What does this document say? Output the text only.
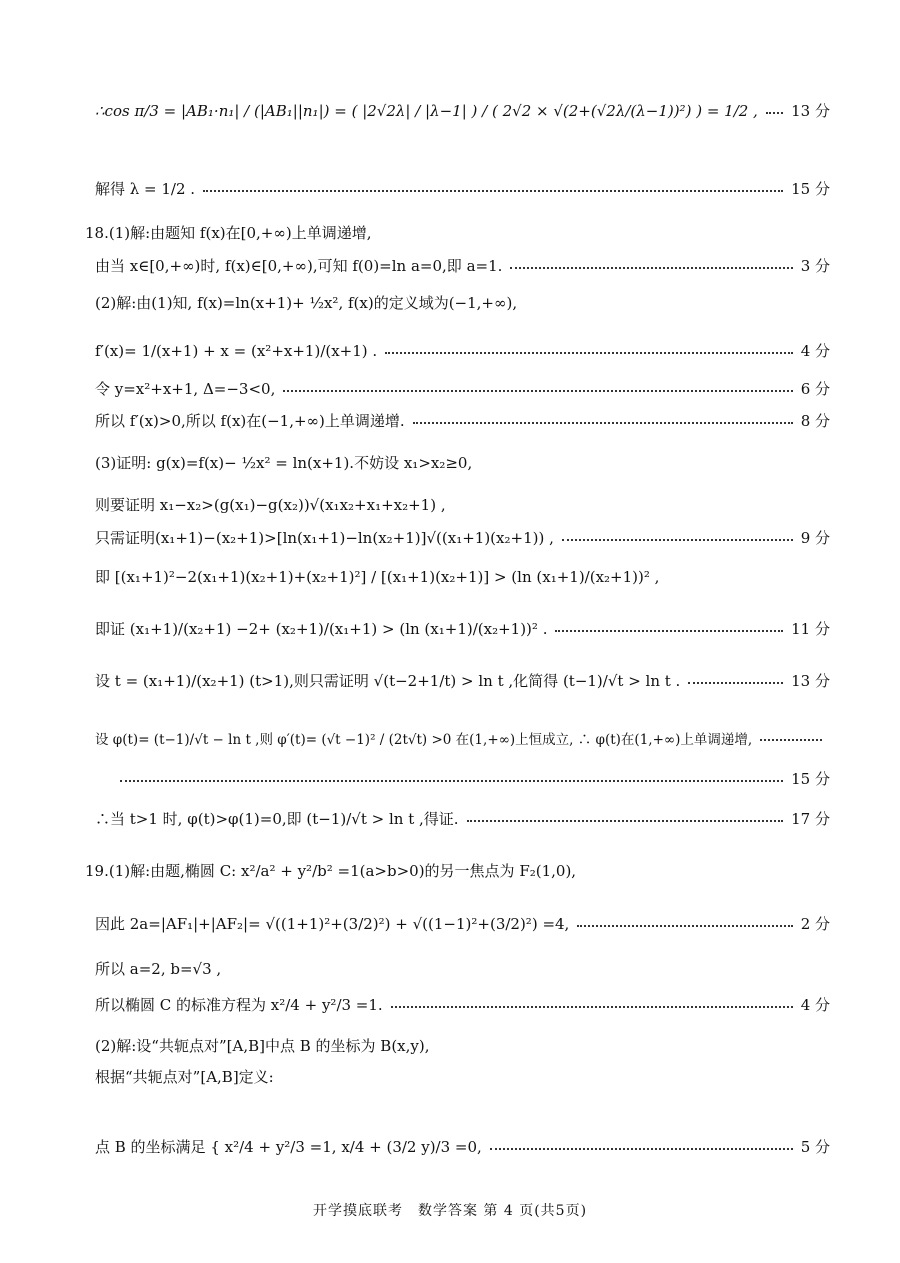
∴cos π/3 = |AB₁·n₁| / (|AB₁||n₁|) = ( |2√2λ| / |λ−1| ) / ( 2√2 × √(2+(√2λ/(λ−1))²) ) = 1/2 , 13 分
解得 λ = 1/2 .	15 分
18.(1)解:由题知 f(x)在[0,+∞)上单调递增,
由当 x∈[0,+∞)时, f(x)∈[0,+∞),可知 f(0)=ln a=0,即 a=1.	3 分
(2)解:由(1)知, f(x)=ln(x+1)+ ½x², f(x)的定义域为(−1,+∞),
f′(x)= 1/(x+1) + x = (x²+x+1)/(x+1) .	4 分
令 y=x²+x+1, Δ=−3<0,	6 分
所以 f′(x)>0,所以 f(x)在(−1,+∞)上单调递增.	8 分
(3)证明: g(x)=f(x)− ½x² = ln(x+1).不妨设 x₁>x₂≥0,
则要证明 x₁−x₂>(g(x₁)−g(x₂))√(x₁x₂+x₁+x₂+1) ,
只需证明(x₁+1)−(x₂+1)>[ln(x₁+1)−ln(x₂+1)]√((x₁+1)(x₂+1)) ,	9 分
即 [(x₁+1)²−2(x₁+1)(x₂+1)+(x₂+1)²] / [(x₁+1)(x₂+1)] > (ln (x₁+1)/(x₂+1))² ,
即证 (x₁+1)/(x₂+1) −2+ (x₂+1)/(x₁+1) > (ln (x₁+1)/(x₂+1))² .	11 分
设 t = (x₁+1)/(x₂+1) (t>1),则只需证明 √(t−2+1/t) > ln t ,化简得 (t−1)/√t > ln t .	13 分
设 φ(t)= (t−1)/√t − ln t ,则 φ′(t)= (√t −1)² / (2t√t) >0 在(1,+∞)上恒成立, ∴ φ(t)在(1,+∞)上单调递增,
15 分
∴当 t>1 时, φ(t)>φ(1)=0,即 (t−1)/√t > ln t ,得证.	17 分
19.(1)解:由题,椭圆 C: x²/a² + y²/b² =1(a>b>0)的另一焦点为 F₂(1,0),
因此 2a=|AF₁|+|AF₂|= √((1+1)²+(3/2)²) + √((1−1)²+(3/2)²) =4,	2 分
所以 a=2, b=√3 ,
所以椭圆 C 的标准方程为 x²/4 + y²/3 =1.	4 分
(2)解:设“共轭点对”[A,B]中点 B 的坐标为 B(x,y),
根据“共轭点对”[A,B]定义:
点 B 的坐标满足 { x²/4 + y²/3 =1, x/4 + (3/2 y)/3 =0,	5 分
开学摸底联考　数学答案 第 4 页(共5页)
